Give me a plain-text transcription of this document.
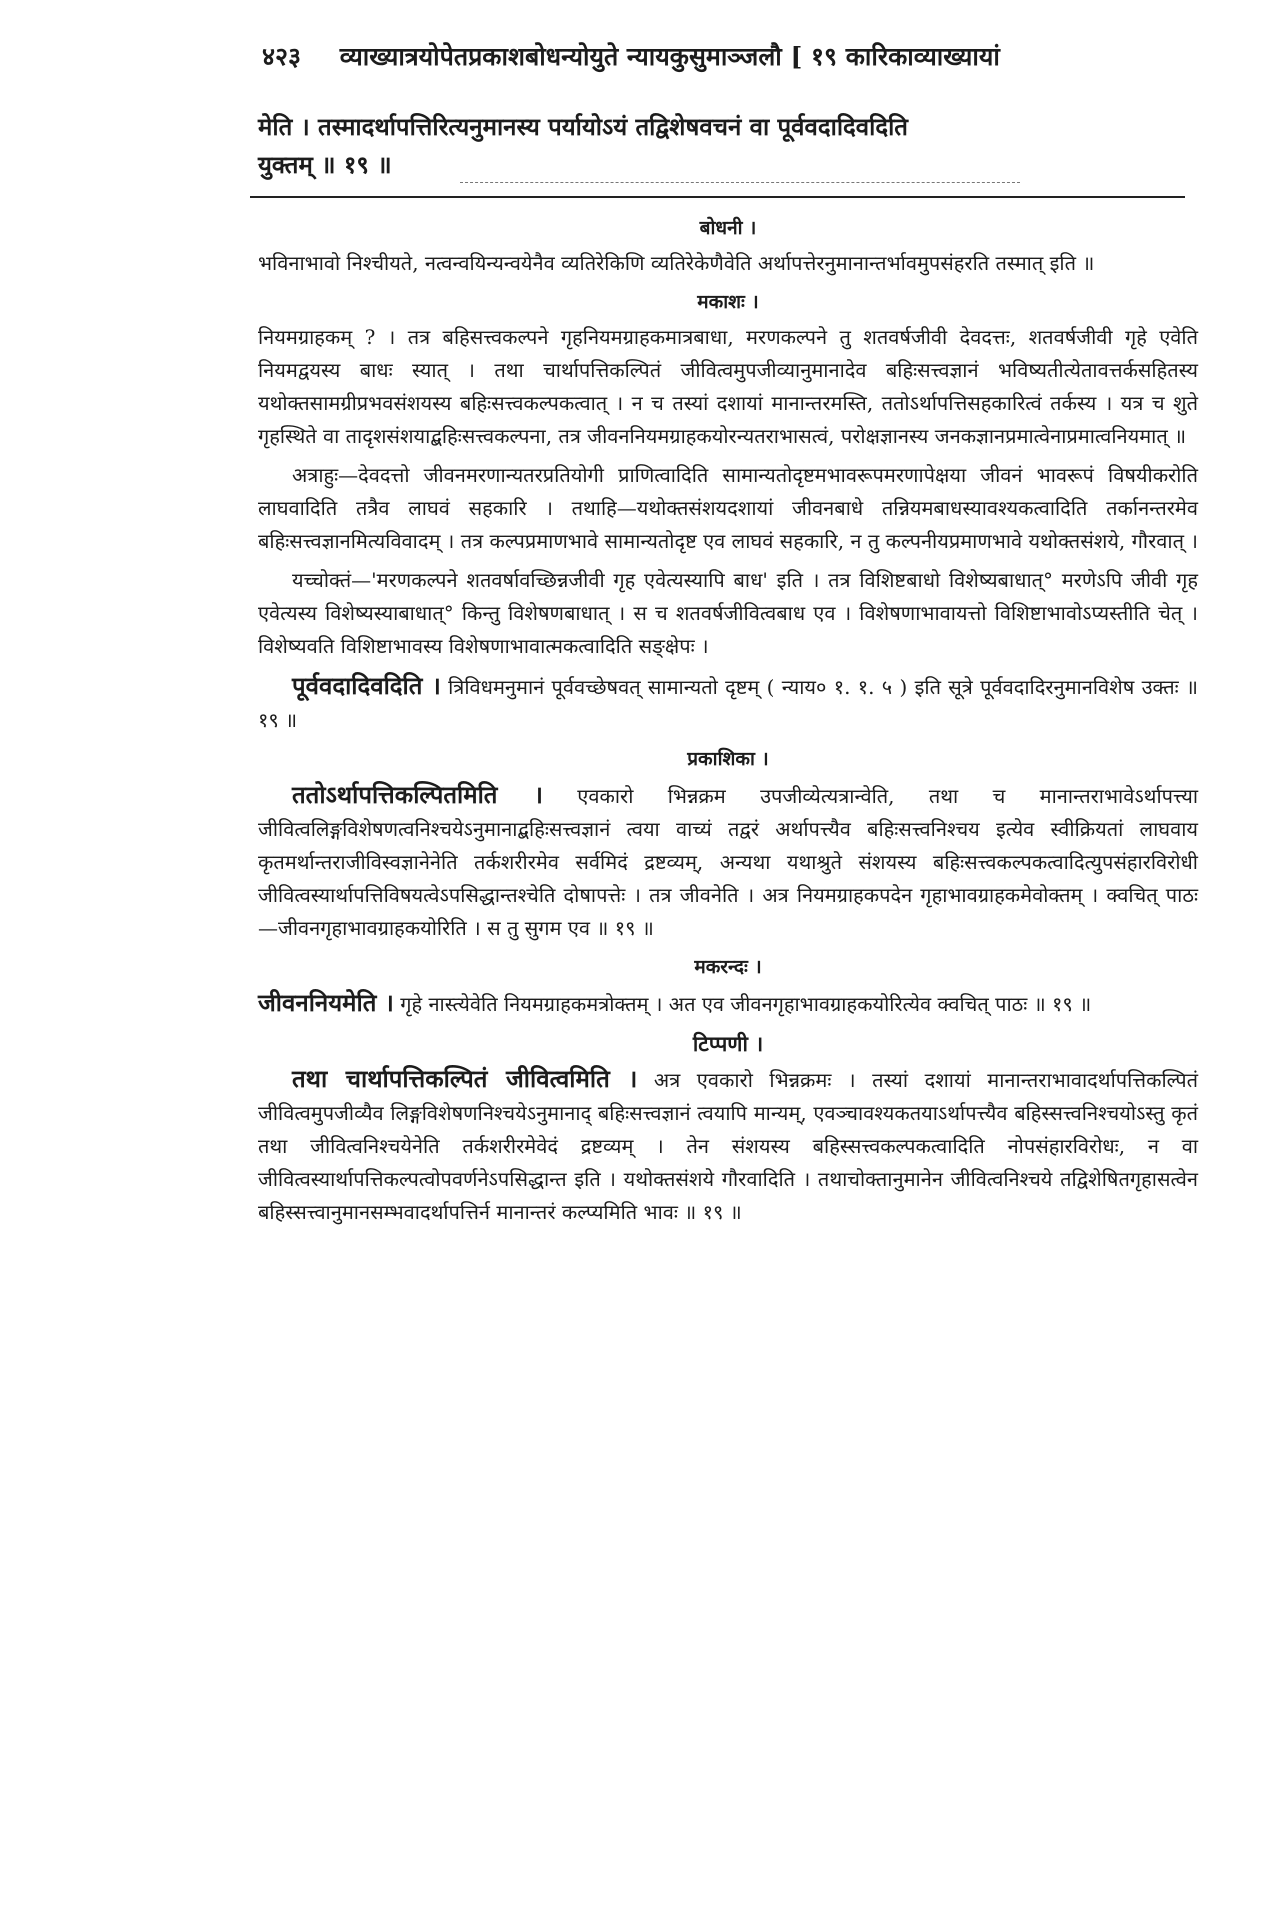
४२३ व्याख्यात्रयोपेतप्रकाशबोधन्योयुते न्यायकुसुमाञ्जलौ [ १९ कारिकाव्याख्यायां

मेति । तस्मादर्थापत्तिरित्यनुमानस्य पर्यायोऽयं तद्विशेषवचनं वा पूर्ववदादिवदिति

युक्तम् ॥ १९ ॥

बोधनी ।

भविनाभावो निश्चीयते, नत्वन्वयिन्यन्वयेनैव व्यतिरेकिणि व्यतिरेकेणैवेति अर्थापत्तेरनुमानान्तर्भावमुपसंहरति तस्मात् इति ॥

मकाशः ।

नियमग्राहकम् ? । तत्र बहिसत्त्वकल्पने गृहनियमग्राहकमात्रबाधा, मरणकल्पने तु शतवर्षजीवी देवदत्तः, शतवर्षजीवी गृहे एवेति नियमद्वयस्य बाधः स्यात् । तथा चार्थापत्तिकल्पितं जीवित्वमुपजीव्यानुमानादेव बहिःसत्त्वज्ञानं भविष्यतीत्येतावत्तर्कसहितस्य यथोक्तसामग्रीप्रभवसंशयस्य बहिःसत्त्वकल्पकत्वात् । न च तस्यां दशायां मानान्तरमस्ति, ततोऽर्थापत्तिसहकारित्वं तर्कस्य । यत्र च शुते गृहस्थिते वा तादृशसंशयाद्बहिःसत्त्वकल्पना, तत्र जीवननियमग्राहकयोरन्यतराभासत्वं, परोक्षज्ञानस्य जनकज्ञानप्रमात्वेनाप्रमात्वनियमात् ॥

अत्राहुः—देवदत्तो जीवनमरणान्यतरप्रतियोगी प्राणित्वादिति सामान्यतोदृष्टमभावरूपमरणापेक्षया जीवनं भावरूपं विषयीकरोति लाघवादिति तत्रैव लाघवं सहकारि । तथाहि—यथोक्तसंशयदशायां जीवनबाधे तन्नियमबाधस्यावश्यकत्वादिति तर्कानन्तरमेव बहिःसत्त्वज्ञानमित्यविवादम् । तत्र कल्पप्रमाणभावे सामान्यतोदृष्ट एव लाघवं सहकारि, न तु कल्पनीयप्रमाणभावे यथोक्तसंशये, गौरवात् ।

यच्चोक्तं—'मरणकल्पने शतवर्षावच्छिन्नजीवी गृह एवेत्यस्यापि बाध' इति । तत्र विशिष्टबाधो विशेष्यबाधात्° मरणेऽपि जीवी गृह एवेत्यस्य विशेष्यस्याबाधात्° किन्तु विशेषणबाधात् । स च शतवर्षजीवित्वबाध एव । विशेषणाभावायत्तो विशिष्टाभावोऽप्यस्तीति चेत् । विशेष्यवति विशिष्टाभावस्य विशेषणाभावात्मकत्वादिति सङ्क्षेपः ।

पूर्ववदादिवदिति । त्रिविधमनुमानं पूर्ववच्छेषवत् सामान्यतो दृष्टम् ( न्याय० १. १. ५ ) इति सूत्रे पूर्ववदादिरनुमानविशेष उक्तः ॥ १९ ॥

प्रकाशिका ।

ततोऽर्थापत्तिकल्पितमिति । एवकारो भिन्नक्रम उपजीव्येत्यत्रान्वेति, तथा च मानान्तराभावेऽर्थापत्त्या जीवित्वलिङ्गविशेषणत्वनिश्चयेऽनुमानाद्बहिःसत्त्वज्ञानं त्वया वाच्यं तद्वरं अर्थापत्त्यैव बहिःसत्त्वनिश्चय इत्येव स्वीक्रियतां लाघवाय कृतमर्थान्तराजीविस्वज्ञानेनेति तर्कशरीरमेव सर्वमिदं द्रष्टव्यम्, अन्यथा यथाश्रुते संशयस्य बहिःसत्त्वकल्पकत्वादित्युपसंहारविरोधी जीवित्वस्यार्थापत्तिविषयत्वेऽपसिद्धान्तश्चेति दोषापत्तेः । तत्र जीवनेति । अत्र नियमग्राहकपदेन गृहाभावग्राहकमेवोक्तम् । क्वचित् पाठः—जीवनगृहाभावग्राहकयोरिति । स तु सुगम एव ॥ १९ ॥

मकरन्दः ।

जीवननियमेति । गृहे नास्त्येवेति नियमग्राहकमत्रोक्तम् । अत एव जीवनगृहाभावग्राहकयोरित्येव क्वचित् पाठः ॥ १९ ॥

टिप्पणी ।

तथा चार्थापत्तिकल्पितं जीवित्वमिति । अत्र एवकारो भिन्नक्रमः । तस्यां दशायां मानान्तराभावादर्थापत्तिकल्पितं जीवित्वमुपजीव्यैव लिङ्गविशेषणनिश्चयेऽनुमानाद् बहिःसत्त्वज्ञानं त्वयापि मान्यम्, एवञ्चावश्यकतयाऽर्थापत्त्यैव बहिस्सत्त्वनिश्चयोऽस्तु कृतं तथा जीवित्वनिश्चयेनेति तर्कशरीरमेवेदं द्रष्टव्यम् । तेन संशयस्य बहिस्सत्त्वकल्पकत्वादिति नोपसंहारविरोधः, न वा जीवित्वस्यार्थापत्तिकल्पत्वोपवर्णनेऽपसिद्धान्त इति । यथोक्तसंशये गौरवादिति । तथाचोक्तानुमानेन जीवित्वनिश्चये तद्विशेषितगृहासत्वेन बहिस्सत्त्वानुमानसम्भवादर्थापत्तिर्न मानान्तरं कल्प्यमिति भावः ॥ १९ ॥
